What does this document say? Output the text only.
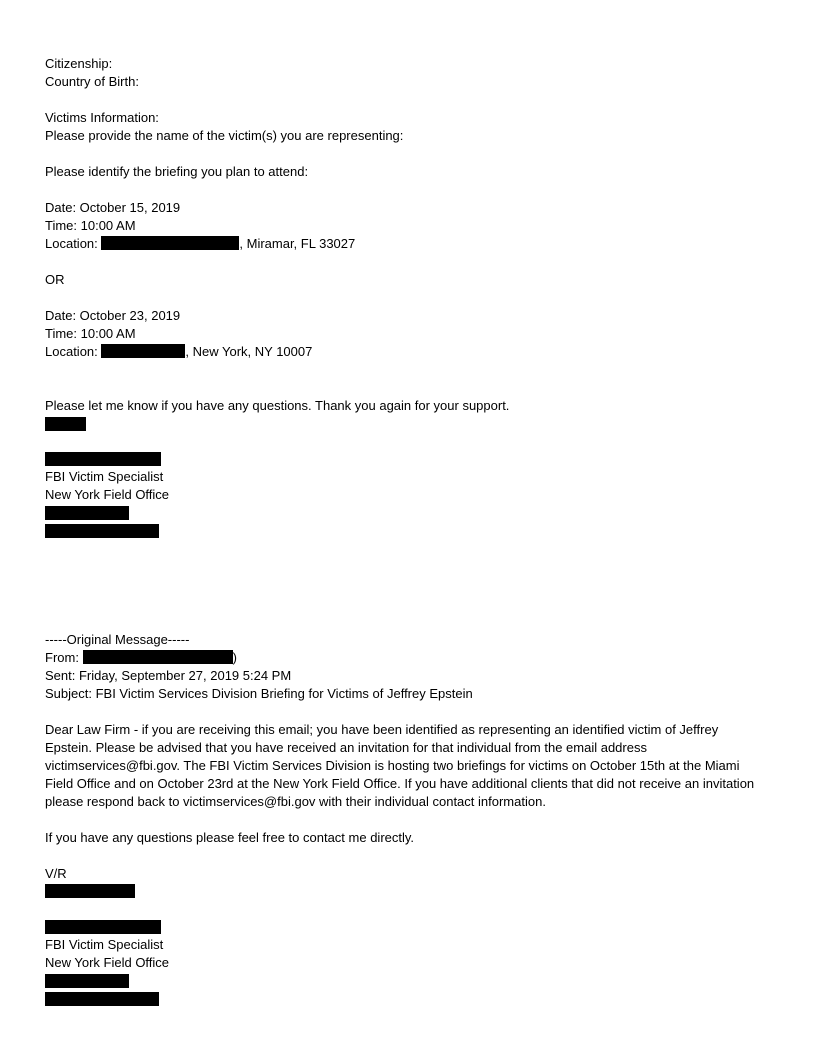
Citizenship:
Country of Birth:
Victims Information:
Please provide the name of the victim(s) you are representing:
Please identify the briefing you plan to attend:
Date: October 15, 2019
Time: 10:00 AM
Location:	, Miramar, FL 33027
OR
Date: October 23, 2019
Time: 10:00 AM
Location:	, New York, NY 10007
Please let me know if you have any questions. Thank you again for your support.
FBI Victim Specialist
New York Field Office
-----Original Message-----
From:	)
Sent: Friday, September 27, 2019 5:24 PM
Subject: FBI Victim Services Division Briefing for Victims of Jeffrey Epstein
Dear Law Firm - if you are receiving this email; you have been identified as representing an identified victim of Jeffrey Epstein. Please be advised that you have received an invitation for that individual from the email address victimservices@fbi.gov. The FBI Victim Services Division is hosting two briefings for victims on October 15th at the Miami Field Office and on October 23rd at the New York Field Office. If you have additional clients that did not receive an invitation please respond back to victimservices@fbi.gov with their individual contact information.
If you have any questions please feel free to contact me directly.
V/R
FBI Victim Specialist
New York Field Office
